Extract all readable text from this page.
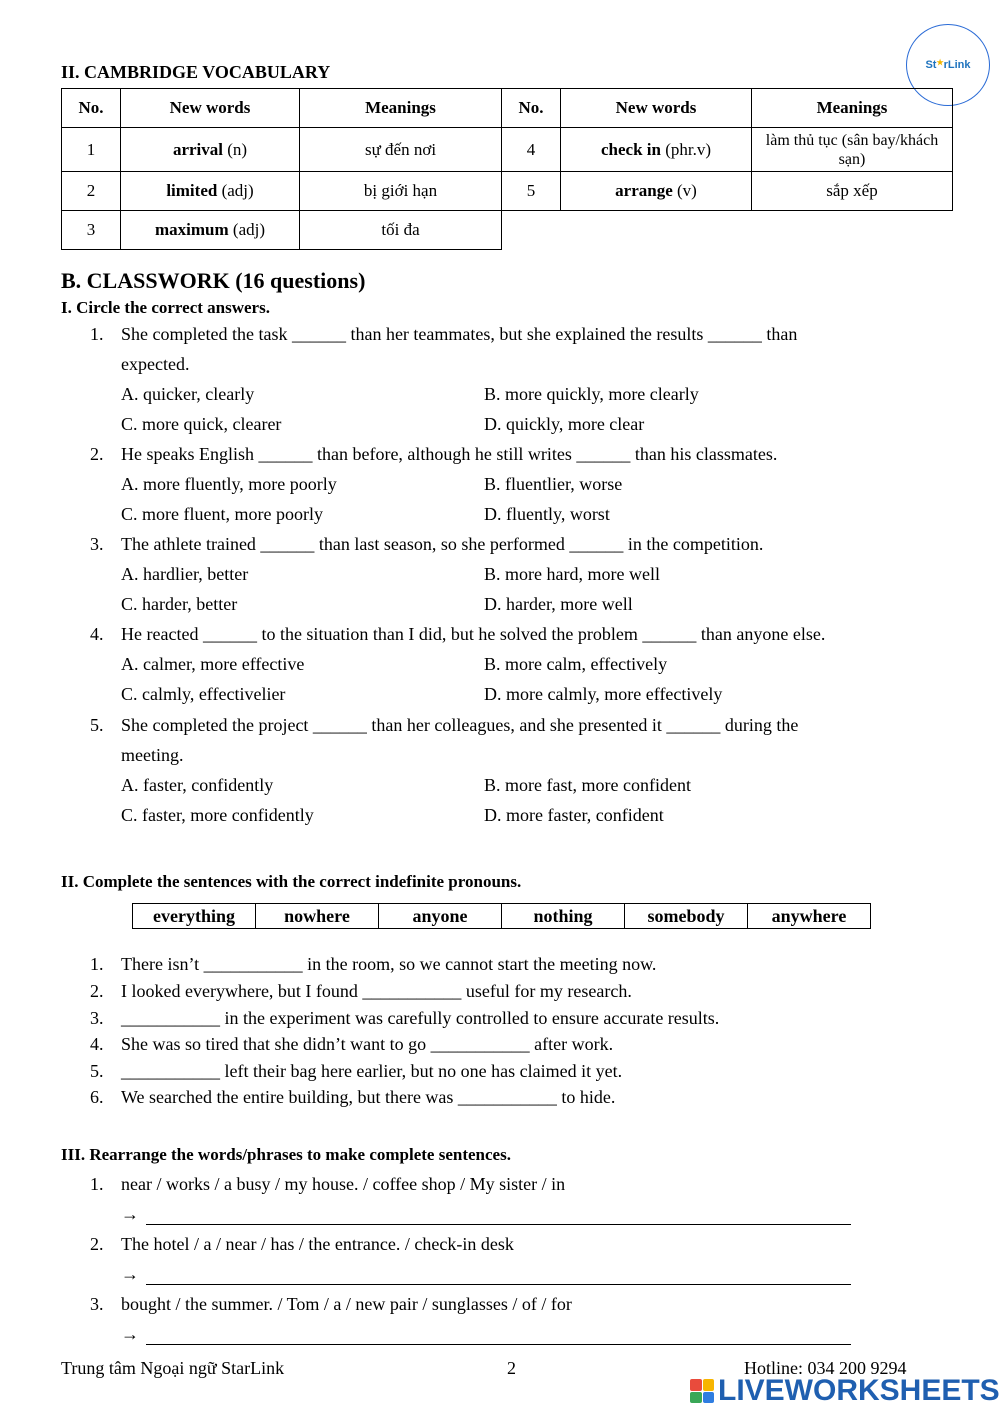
St★rLink
II. CAMBRIDGE VOCABULARY
No.	New words	Meanings	No.	New words	Meanings
1	arrival (n)	sự đến nơi	4	check in (phr.v)	làm thủ tục (sân bay/khách sạn)
2	limited (adj)	bị giới hạn	5	arrange (v)	sắp xếp
3	maximum (adj)	tối đa			
B. CLASSWORK (16 questions)
I. Circle the correct answers.
1. She completed the task ______ than her teammates, but she explained the results ______ than
expected.
A. quicker, clearly	B. more quickly, more clearly
C. more quick, clearer	D. quickly, more clear
2. He speaks English ______ than before, although he still writes ______ than his classmates.
A. more fluently, more poorly	B. fluentlier, worse
C. more fluent, more poorly	D. fluently, worst
3. The athlete trained ______ than last season, so she performed ______ in the competition.
A. hardlier, better	B. more hard, more well
C. harder, better	D. harder, more well
4. He reacted ______ to the situation than I did, but he solved the problem ______ than anyone else.
A. calmer, more effective	B. more calm, effectively
C. calmly, effectivelier	D. more calmly, more effectively
5. She completed the project ______ than her colleagues, and she presented it ______ during the
meeting.
A. faster, confidently	B. more fast, more confident
C. faster, more confidently	D. more faster, confident
II. Complete the sentences with the correct indefinite pronouns.
everything	nowhere	anyone	nothing	somebody	anywhere
1. There isn’t ___________ in the room, so we cannot start the meeting now.
2. I looked everywhere, but I found ___________ useful for my research.
3. ___________ in the experiment was carefully controlled to ensure accurate results.
4. She was so tired that she didn’t want to go ___________ after work.
5. ___________ left their bag here earlier, but no one has claimed it yet.
6. We searched the entire building, but there was ___________ to hide.
III. Rearrange the words/phrases to make complete sentences.
1. near / works / a busy / my house. / coffee shop / My sister / in
→
2. The hotel / a / near / has / the entrance. / check-in desk
→
3. bought / the summer. / Tom / a / new pair / sunglasses / of / for
→
Trung tâm Ngoại ngữ StarLink	2	Hotline: 034 200 9294
LIVEWORKSHEETS
